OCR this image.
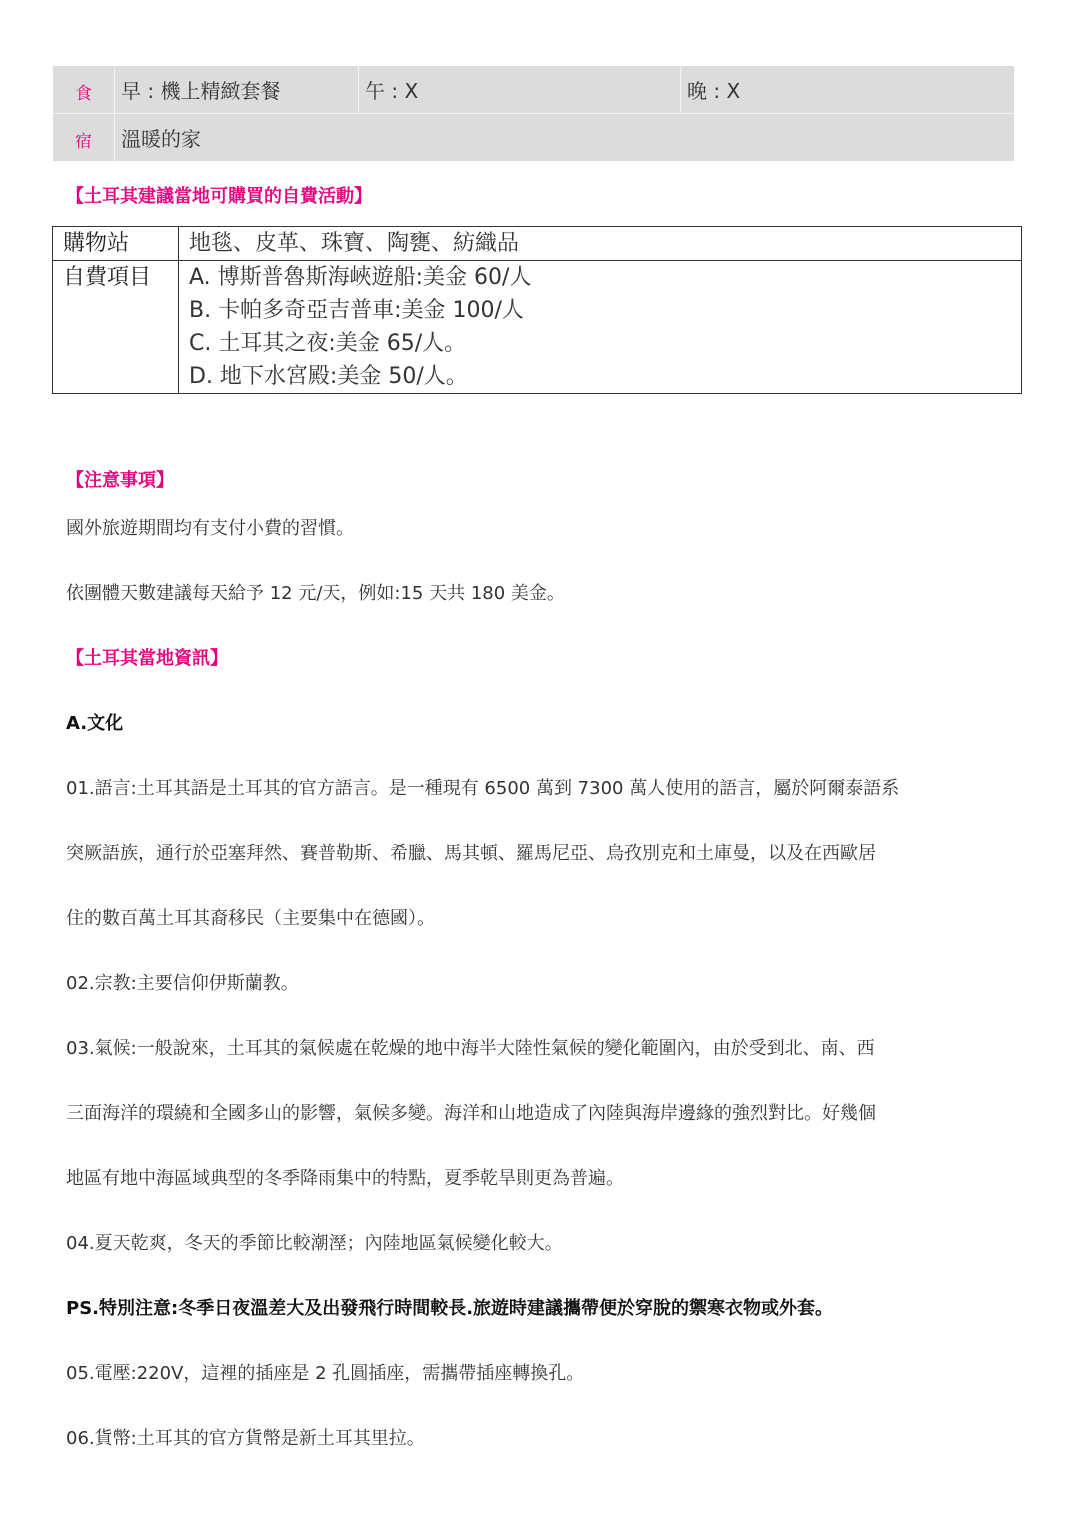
食	早 : 機上精緻套餐	午 : X	晚 : X
宿	溫暖的家
【土耳其建議當地可購買的自費活動】
購物站	地毯、皮革、珠寶、陶甕、紡織品
自費項目	A. 博斯普魯斯海峽遊船:美金 60/人
B. 卡帕多奇亞吉普車:美金 100/人
C. 土耳其之夜:美金 65/人。
D. 地下水宮殿:美金 50/人。
【注意事項】
國外旅遊期間均有支付小費的習慣。
依團體天數建議每天給予 12 元/天，例如:15 天共 180 美金。
【土耳其當地資訊】
A.文化
01.語言:土耳其語是土耳其的官方語言。是一種現有 6500 萬到 7300 萬人使用的語言，屬於阿爾泰語系
突厥語族，通行於亞塞拜然、賽普勒斯、希臘、馬其頓、羅馬尼亞、烏孜別克和土庫曼，以及在西歐居
住的數百萬土耳其裔移民（主要集中在德國）。
02.宗教:主要信仰伊斯蘭教。
03.氣候:一般說來，土耳其的氣候處在乾燥的地中海半大陸性氣候的變化範圍內，由於受到北、南、西
三面海洋的環繞和全國多山的影響，氣候多變。海洋和山地造成了內陸與海岸邊緣的強烈對比。好幾個
地區有地中海區域典型的冬季降雨集中的特點，夏季乾旱則更為普遍。
04.夏天乾爽，冬天的季節比較潮溼；內陸地區氣候變化較大。
PS.特別注意:冬季日夜溫差大及出發飛行時間較長.旅遊時建議攜帶便於穿脫的禦寒衣物或外套。
05.電壓:220V，這裡的插座是 2 孔圓插座，需攜帶插座轉換孔。
06.貨幣:土耳其的官方貨幣是新土耳其里拉。
